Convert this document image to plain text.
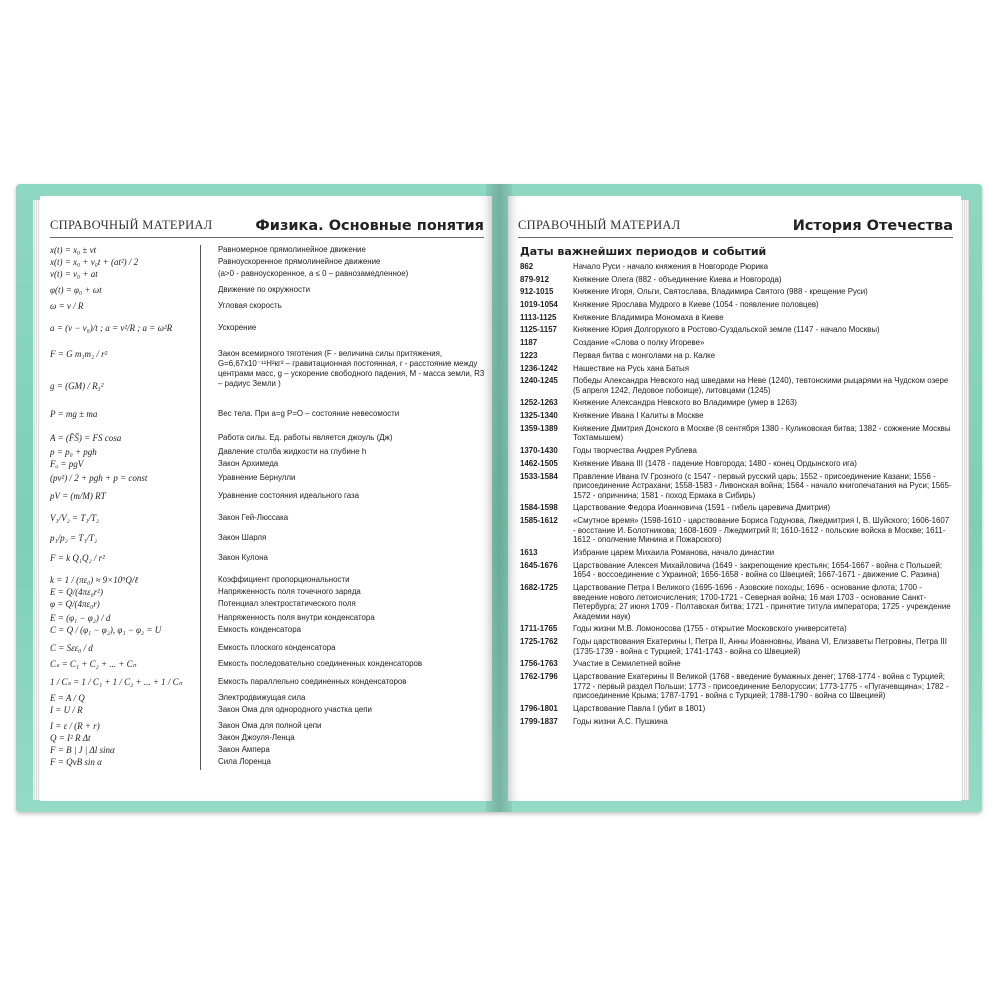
СПРАВОЧНЫЙ МАТЕРИАЛ	Физика. Основные понятия
x(t) = x₀ ± vt	Равномерное прямолинейное движение
x(t) = x₀ + v₀t + (at²) / 2	Равноускоренное прямолинейное движение
v(t) = v₀ + at	(a>0 - равноускоренное, a ≤ 0 – равнозамедленное)
φ(t) = φ₀ + ωt	Движение по окружности
ω = v / R	Угловая скорость
a = (v − v₀)/t ; a = v²/R ; a = ω²R	Ускорение
F = G m₁m₂ / r²	Закон всемирного тяготения (F - величина силы притяжения, G=6,67x10⁻¹¹Н²кг² – гравитационная постоянная, r - расстояние между центрами масс, g – ускорение свободного падения, M - масса земли, R3 – радиус Земли )
g = (GM) / R₃²
P = mg ± ma	Вес тела. При a=g P=O – состояние невесомости
A = (F̄S̄) = FS cosa	Работа силы. Ед. работы является джоуль (Дж)
p = p₀ + pgh	Давление столба жидкости на глубине h
Fₐ = pgV	Закон Архимеда
(pv²) / 2 + pgh + p = const	Уравнение Бернулли
pV = (m/M) RT	Уравнение состояния идеального газа
V₁/V₂ = T₁/T₂	Закон Гей-Люссака
p₁/p₂ = T₁/T₂	Закон Шарля
F = k Q₁Q₂ / r²	Закон Кулона
k = 1 / (πε₀) ≈ 9×10⁹Q/ℓ	Коэффициент пропорциональности
E = Q/(4πε₀r²)	Напряженность поля точечного заряда
φ = Q/(4πε₀r)	Потенциал электростатического поля
E = (φ₁ − φ₂) / d	Напряженность поля внутри конденсатора
C = Q / (φ₁ − φ₂), φ₁ − φ₂ = U	Емкость конденсатора
C = Sεε₀ / d	Емкость плоского конденсатора
Cₛ = C₁ + C₂ + ... + Cₙ	Емкость последовательно соединенных конденсаторов
1 / Cₛ = 1 / C₁ + 1 / C₂ + ... + 1 / Cₙ	Емкость параллельно соединенных конденсаторов
E = A / Q	Электродвижущая сила
I = U / R	Закон Ома для однородного участка цепи
I = ε / (R + r)	Закон Ома для полной цепи
Q = I² R Δt	Закон Джоуля-Ленца
F = B | J | Δl sinα	Закон Ампера
F = QvB sin α	Сила Лоренца
СПРАВОЧНЫЙ МАТЕРИАЛ	История Отечества
Даты важнейших периодов и событий
862	Начало Руси - начало княжения в Новгороде Рюрика
879-912	Княжение Олега (882 - объединение Киева и Новгорода)
912-1015	Княжение Игоря, Ольги, Святослава, Владимира Святого (988 - крещение Руси)
1019-1054	Княжение Ярослава Мудрого в Киеве (1054 - появление половцев)
1113-1125	Княжение Владимира Мономаха в Киеве
1125-1157	Княжение Юрия Долгорукого в Ростово-Суздальской земле (1147 - начало Москвы)
1187	Создание «Слова о полку Игореве»
1223	Первая битва с монголами на р. Калке
1236-1242	Нашествие на Русь хана Батыя
1240-1245	Победы Александра Невского над шведами на Неве (1240), тевтонскими рыцарями на Чудском озере (5 апреля 1242, Ледовое побоище), литовцами (1245)
1252-1263	Княжение Александра Невского во Владимире (умер в 1263)
1325-1340	Княжение Ивана I Калиты в Москве
1359-1389	Княжение Дмитрия Донского в Москве (8 сентября 1380 - Куликовская битва; 1382 - сожжение Москвы Тохтамышем)
1370-1430	Годы творчества Андрея Рублева
1462-1505	Княжение Ивана III (1478 - падение Новгорода; 1480 - конец Ордынского ига)
1533-1584	Правление Ивана IV Грозного (с 1547 - первый русский царь; 1552 - присоединение Казани; 1556 - присоединение Астрахани; 1558-1583 - Ливонская война; 1564 - начало книгопечатания на Руси; 1565-1572 - опричнина; 1581 - поход Ермака в Сибирь)
1584-1598	Царствование Федора Иоанновича (1591 - гибель царевича Дмитрия)
1585-1612	«Смутное время» (1598-1610 - царствование Бориса Годунова, Лжедмитрия I, В. Шуйского; 1606-1607 - восстание И. Болотникова; 1608-1609 - Лжедмитрий II; 1610-1612 - польские войска в Москве; 1611-1612 - ополчение Минина и Пожарского)
1613	Избрание царем Михаила Романова, начало династии
1645-1676	Царствование Алексея Михайловича (1649 - закрепощение крестьян; 1654-1667 - война с Польшей; 1654 - воссоединение с Украиной; 1656-1658 - война со Швецией; 1667-1671 - движение С. Разина)
1682-1725	Царствование Петра I Великого (1695-1696 - Азовские походы; 1696 - основание флота; 1700 - введение нового летоисчисления; 1700-1721 - Северная война; 16 мая 1703 - основание Санкт-Петербурга; 27 июня 1709 - Полтавская битва; 1721 - принятие титула императора; 1725 - учреждение Академии наук)
1711-1765	Годы жизни М.В. Ломоносова (1755 - открытие Московского университета)
1725-1762	Годы царствования Екатерины I, Петра II, Анны Иоанновны, Ивана VI, Елизаветы Петровны, Петра III (1735-1739 - война с Турцией; 1741-1743 - война со Швецией)
1756-1763	Участие в Семилетней войне
1762-1796	Царствование Екатерины II Великой (1768 - введение бумажных денег; 1768-1774 - война с Турцией; 1772 - первый раздел Польши; 1773 - присоединение Белоруссии; 1773-1775 - «Пугачевщина»; 1782 - присоединение Крыма; 1787-1791 - война с Турцией; 1788-1790 - война со Швецией)
1796-1801	Царствование Павла I (убит в 1801)
1799-1837	Годы жизни А.С. Пушкина
